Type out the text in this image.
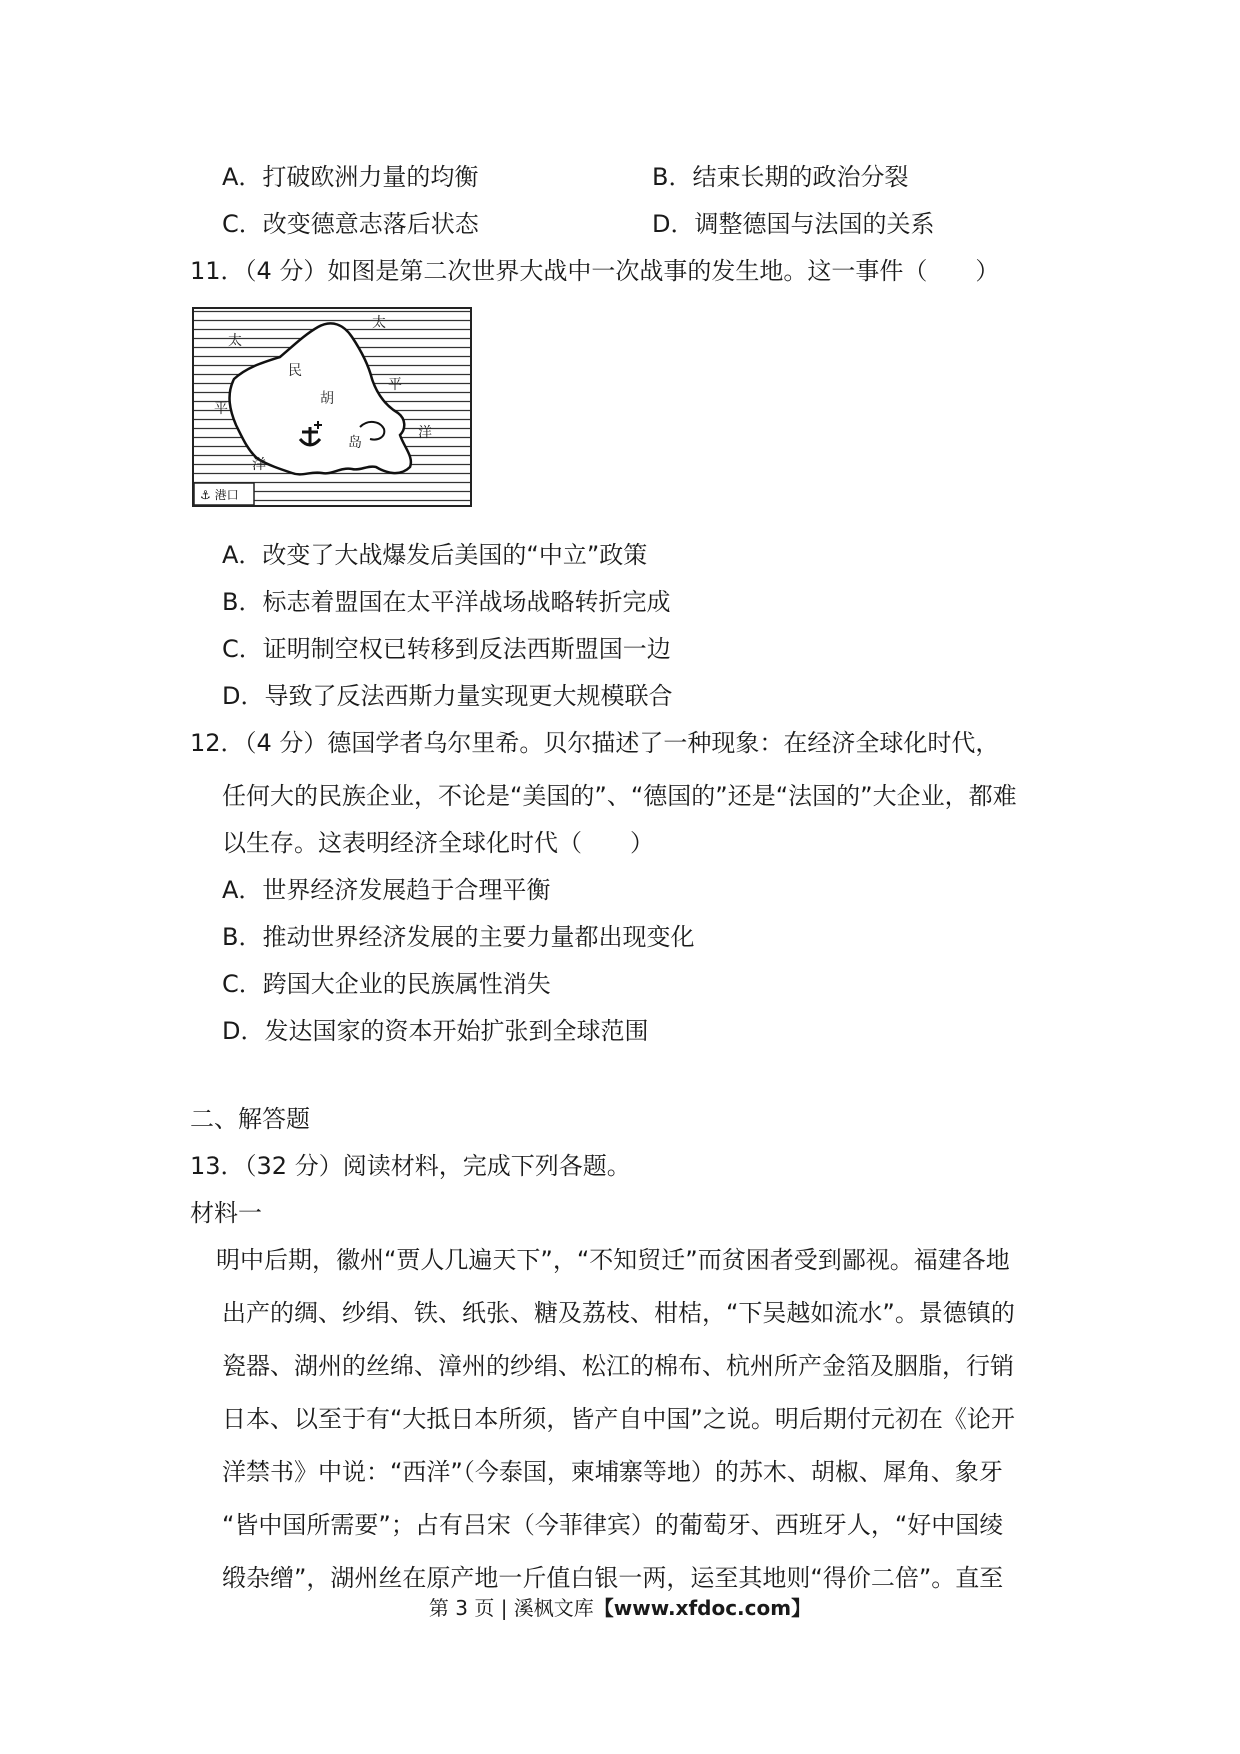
A．打破欧洲力量的均衡	B．结束长期的政治分裂
C．改变德意志落后状态	D．调整德国与法国的关系
11．（4 分）如图是第二次世界大战中一次战事的发生地。这一事件（　　）
太
太
平
平
洋
洋
民
胡
岛
⚓ 港口
A．改变了大战爆发后美国的“中立”政策
B．标志着盟国在太平洋战场战略转折完成
C．证明制空权已转移到反法西斯盟国一边
D．导致了反法西斯力量实现更大规模联合
12．（4 分）德国学者乌尔里希。贝尔描述了一种现象：在经济全球化时代，
任何大的民族企业，不论是“美国的”、“德国的”还是“法国的”大企业，都难
以生存。这表明经济全球化时代（　　）
A．世界经济发展趋于合理平衡
B．推动世界经济发展的主要力量都出现变化
C．跨国大企业的民族属性消失
D．发达国家的资本开始扩张到全球范围
二、解答题
13．（32 分）阅读材料，完成下列各题。
材料一
明中后期，徽州“贾人几遍天下”，“不知贸迁”而贫困者受到鄙视。福建各地
出产的绸、纱绢、铁、纸张、糖及荔枝、柑桔，“下吴越如流水”。景德镇的
瓷器、湖州的丝绵、漳州的纱绢、松江的棉布、杭州所产金箔及胭脂，行销
日本、以至于有“大抵日本所须，皆产自中国”之说。明后期付元初在《论开
洋禁书》中说：“西洋”（今泰国，柬埔寨等地）的苏木、胡椒、犀角、象牙
“皆中国所需要”；占有吕宋（今菲律宾）的葡萄牙、西班牙人，“好中国绫
缎杂缯”，湖州丝在原产地一斤值白银一两，运至其地则“得价二倍”。直至
第 3 页 | 溪枫文库【www.xfdoc.com】
